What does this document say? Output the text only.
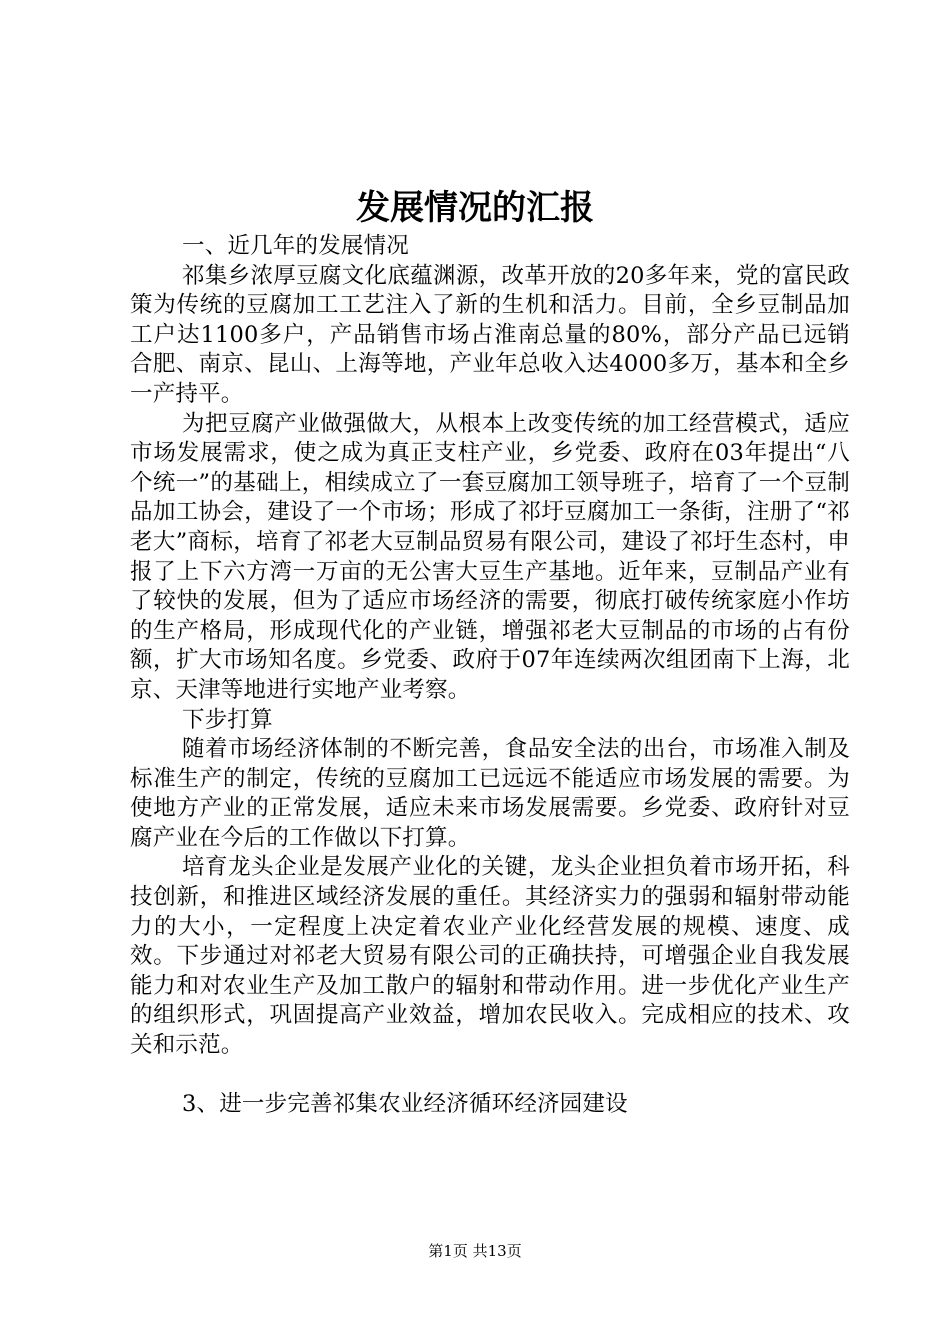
发展情况的汇报

一、近几年的发展情况

祁集乡浓厚豆腐文化底蕴渊源，改革开放的20多年来，党的富民政策为传统的豆腐加工工艺注入了新的生机和活力。目前，全乡豆制品加工户达1100多户，产品销售市场占淮南总量的80%，部分产品已远销合肥、南京、昆山、上海等地，产业年总收入达4000多万，基本和全乡一产持平。

为把豆腐产业做强做大，从根本上改变传统的加工经营模式，适应市场发展需求，使之成为真正支柱产业，乡党委、政府在03年提出“八个统一”的基础上，相续成立了一套豆腐加工领导班子，培育了一个豆制品加工协会，建设了一个市场；形成了祁圩豆腐加工一条街，注册了“祁老大”商标，培育了祁老大豆制品贸易有限公司，建设了祁圩生态村，申报了上下六方湾一万亩的无公害大豆生产基地。近年来，豆制品产业有了较快的发展，但为了适应市场经济的需要，彻底打破传统家庭小作坊的生产格局，形成现代化的产业链，增强祁老大豆制品的市场的占有份额，扩大市场知名度。乡党委、政府于07年连续两次组团南下上海，北京、天津等地进行实地产业考察。

下步打算

随着市场经济体制的不断完善，食品安全法的出台，市场准入制及标准生产的制定，传统的豆腐加工已远远不能适应市场发展的需要。为使地方产业的正常发展，适应未来市场发展需要。乡党委、政府针对豆腐产业在今后的工作做以下打算。

培育龙头企业是发展产业化的关键，龙头企业担负着市场开拓，科技创新，和推进区域经济发展的重任。其经济实力的强弱和辐射带动能力的大小，一定程度上决定着农业产业化经营发展的规模、速度、成效。下步通过对祁老大贸易有限公司的正确扶持，可增强企业自我发展能力和对农业生产及加工散户的辐射和带动作用。进一步优化产业生产的组织形式，巩固提高产业效益，增加农民收入。完成相应的技术、攻关和示范。

3、进一步完善祁集农业经济循环经济园建设

第1页 共13页
